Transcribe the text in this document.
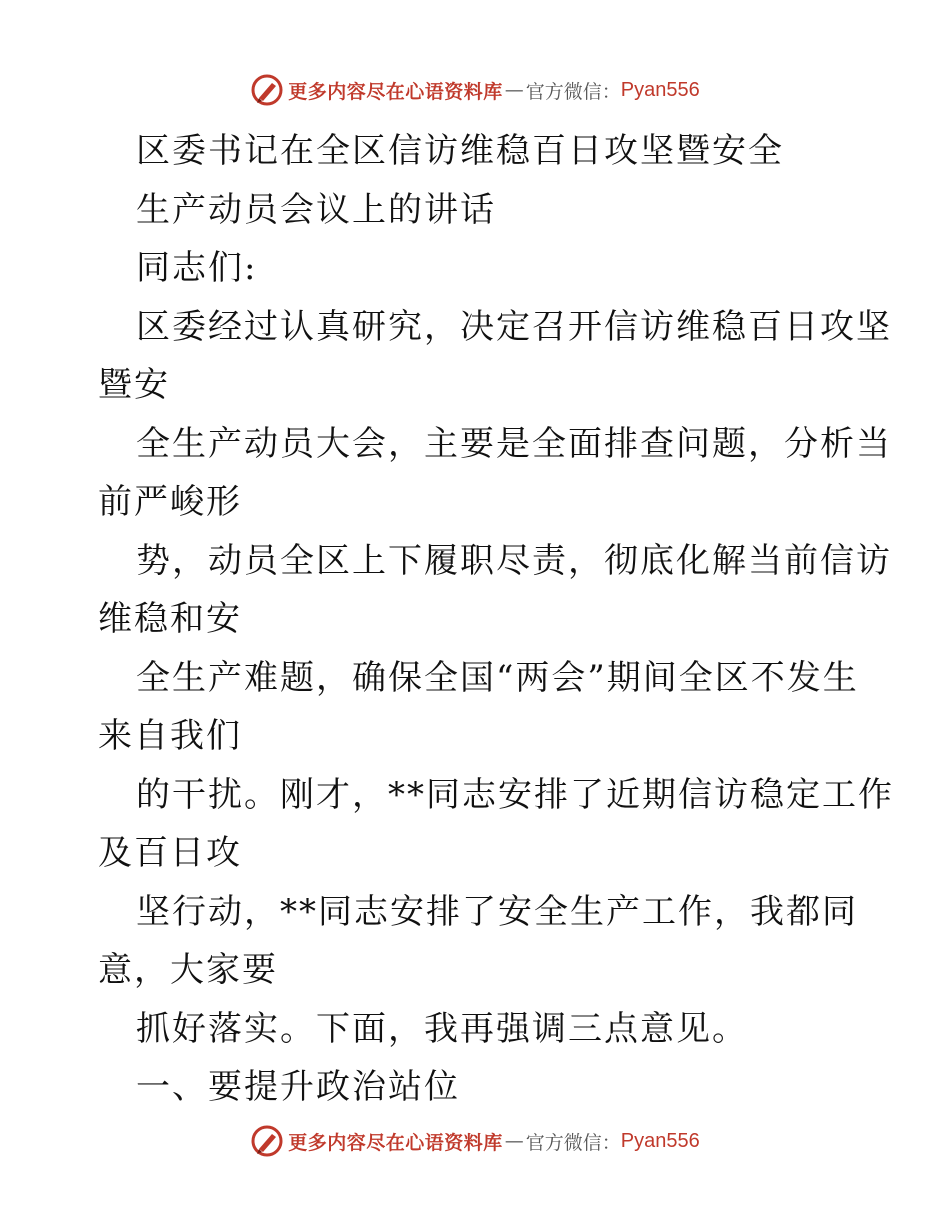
更多内容尽在心语资料库 — 官方微信： Pyan556
区委书记在全区信访维稳百日攻坚暨安全
生产动员会议上的讲话
同志们:
区委经过认真研究，决定召开信访维稳百日攻坚
暨安
全生产动员大会，主要是全面排查问题，分析当
前严峻形
势，动员全区上下履职尽责，彻底化解当前信访
维稳和安
全生产难题，确保全国“两会”期间全区不发生
来自我们
的干扰。刚才，**同志安排了近期信访稳定工作
及百日攻
坚行动，**同志安排了安全生产工作，我都同
意，大家要
抓好落实。下面，我再强调三点意见。
一、要提升政治站位
更多内容尽在心语资料库 — 官方微信： Pyan556
